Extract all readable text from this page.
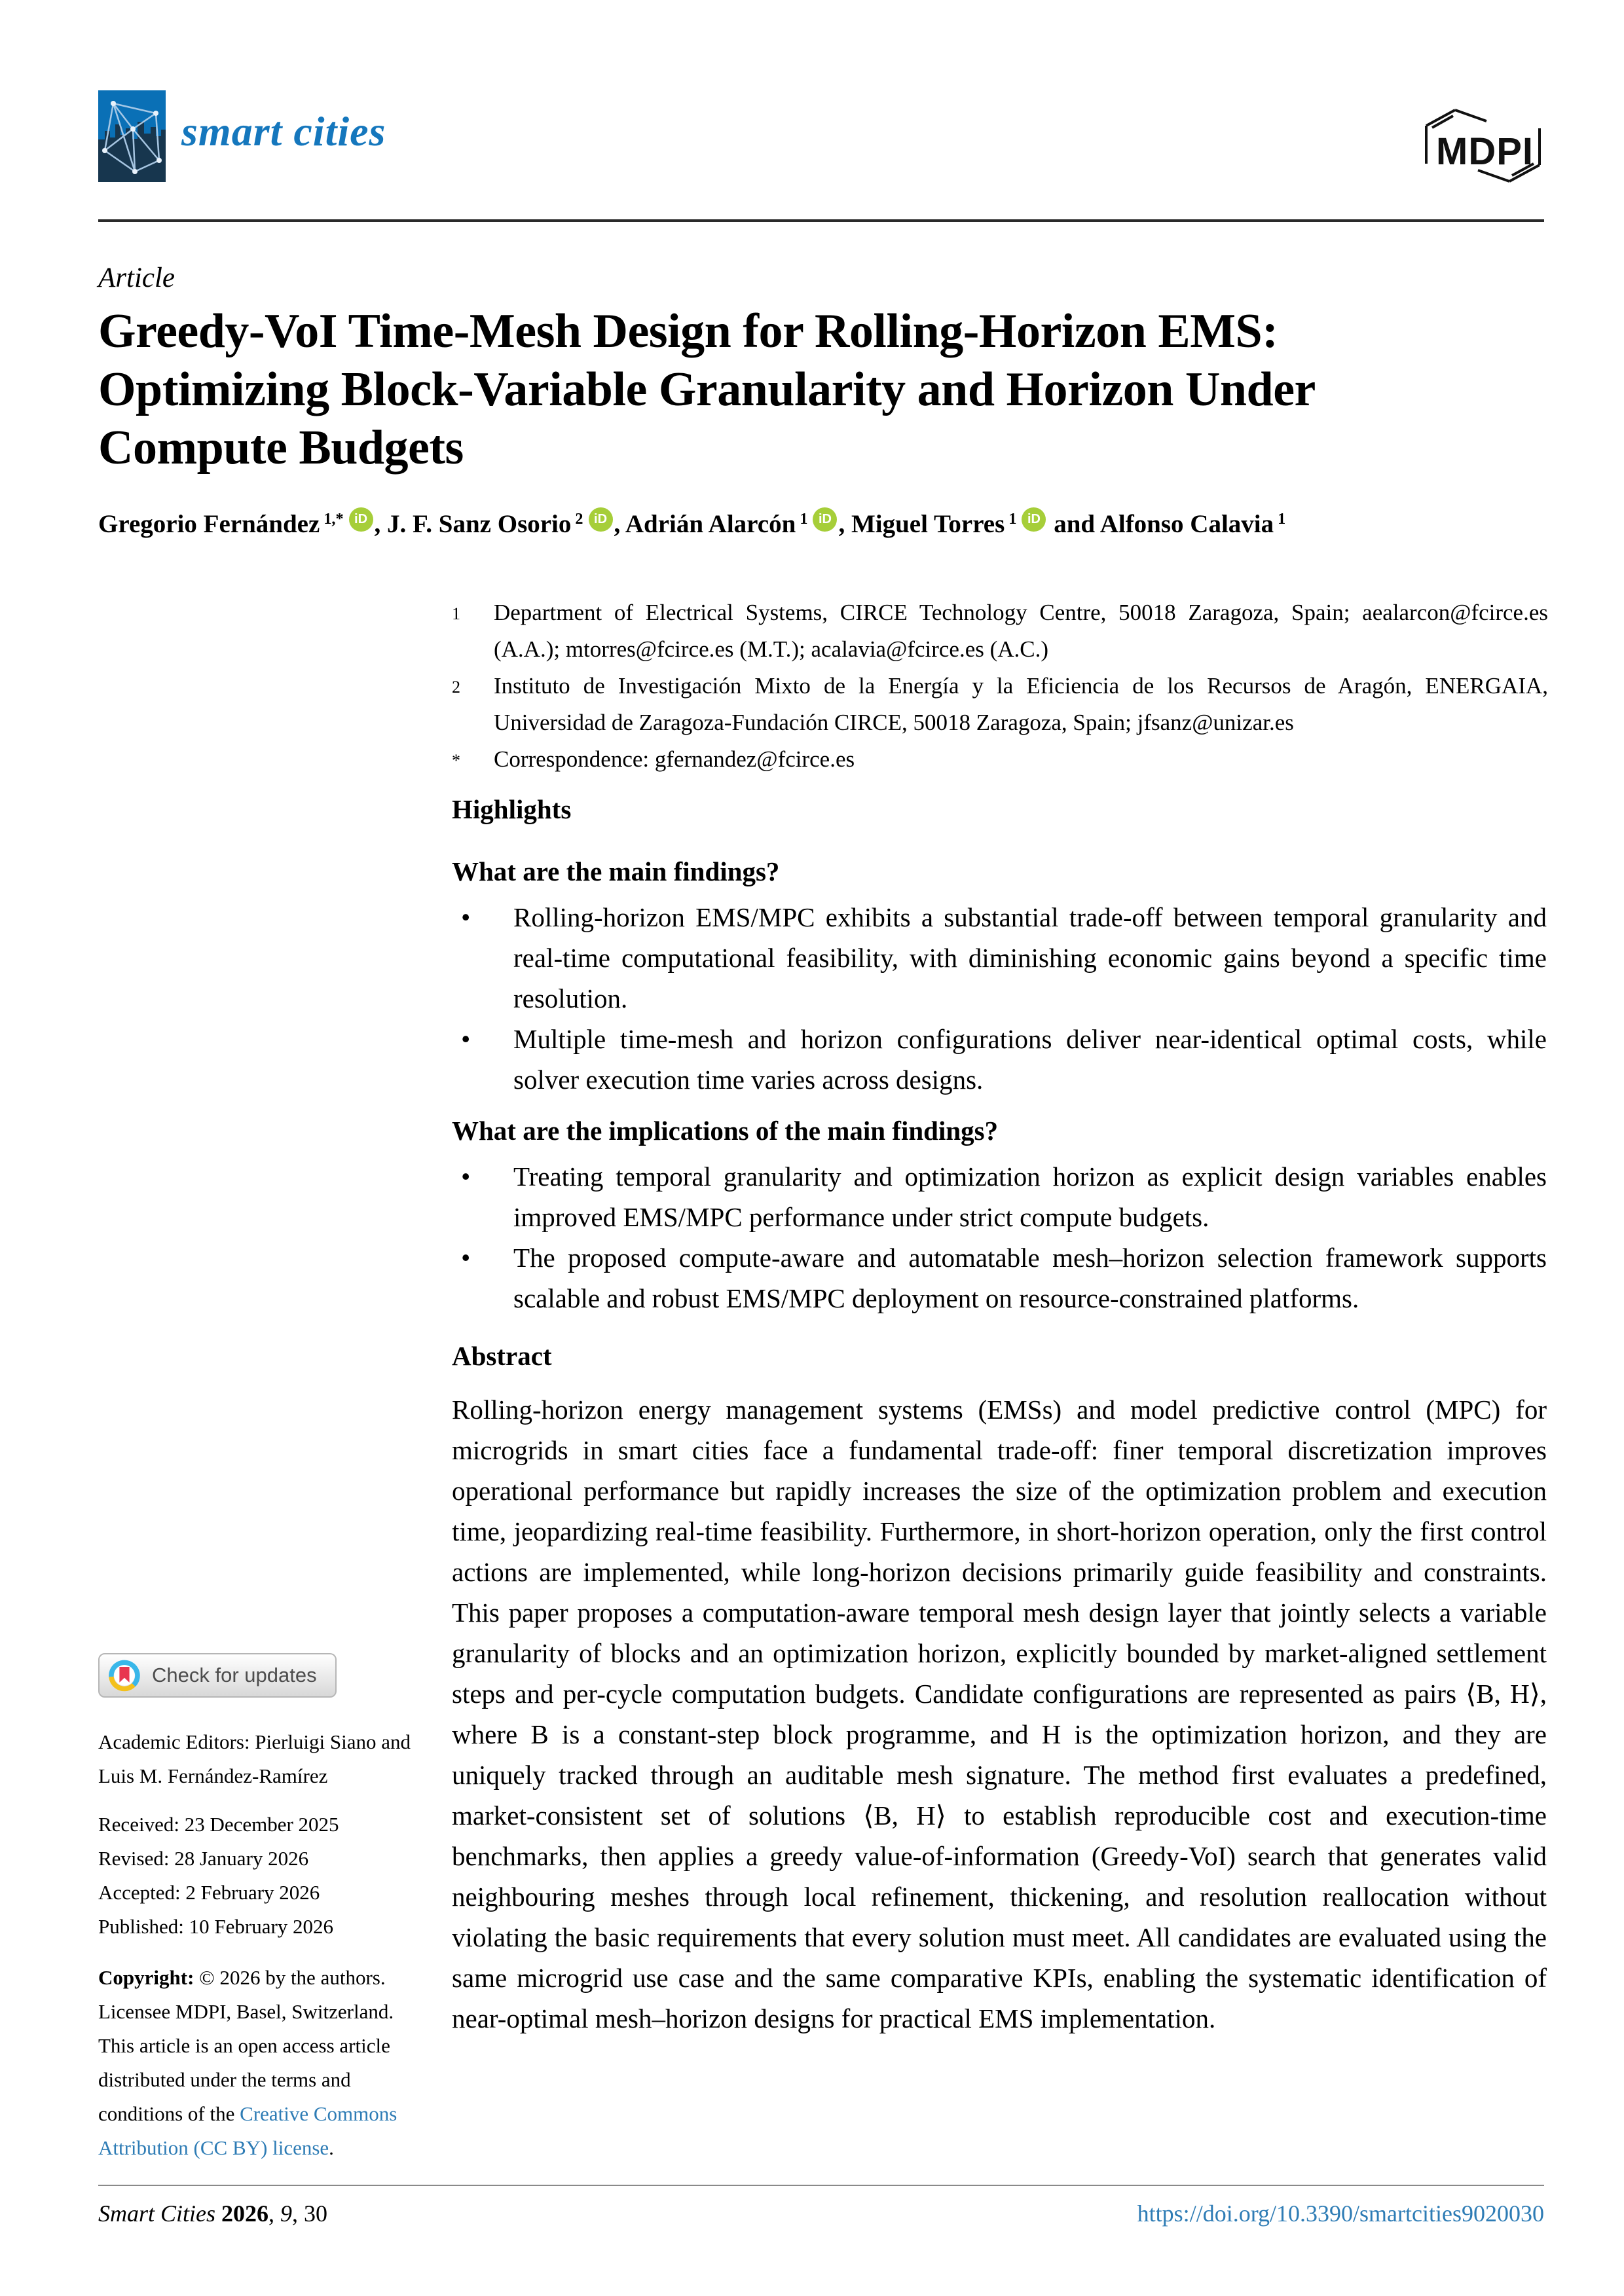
smart cities	MDPI
Article
Greedy-VoI Time-Mesh Design for Rolling-Horizon EMS:
Optimizing Block-Variable Granularity and Horizon Under
Compute Budgets
Gregorio Fernández $^{1,*}$ iD , J. F. Sanz Osorio $^2$ iD , Adrián Alarcón $^1$ iD , Miguel Torres $^1$ iD and Alfonso Calavia $^1$
1	Department of Electrical Systems, CIRCE Technology Centre, 50018 Zaragoza, Spain; aealarcon@fcirce.es (A.A.); mtorres@fcirce.es (M.T.); acalavia@fcirce.es (A.C.)
2	Instituto de Investigación Mixto de la Energía y la Eficiencia de los Recursos de Aragón, ENERGAIA, Universidad de Zaragoza-Fundación CIRCE, 50018 Zaragoza, Spain; jfsanz@unizar.es
*	Correspondence: gfernandez@fcirce.es
Highlights
What are the main findings?
•	Rolling-horizon EMS/MPC exhibits a substantial trade-off between temporal granularity and real-time computational feasibility, with diminishing economic gains beyond a specific time resolution.
•	Multiple time-mesh and horizon configurations deliver near-identical optimal costs, while solver execution time varies across designs.
What are the implications of the main findings?
•	Treating temporal granularity and optimization horizon as explicit design variables enables improved EMS/MPC performance under strict compute budgets.
•	The proposed compute-aware and automatable mesh–horizon selection framework supports scalable and robust EMS/MPC deployment on resource-constrained platforms.
Abstract
Rolling-horizon energy management systems (EMSs) and model predictive control (MPC) for microgrids in smart cities face a fundamental trade-off: finer temporal discretization improves operational performance but rapidly increases the size of the optimization problem and execution time, jeopardizing real-time feasibility. Furthermore, in short-horizon operation, only the first control actions are implemented, while long-horizon decisions primarily guide feasibility and constraints. This paper proposes a computation-aware temporal mesh design layer that jointly selects a variable granularity of blocks and an optimization horizon, explicitly bounded by market-aligned settlement steps and per-cycle computation budgets. Candidate configurations are represented as pairs ⟨B, H⟩, where B is a constant-step block programme, and H is the optimization horizon, and they are uniquely tracked through an auditable mesh signature. The method first evaluates a predefined, market-consistent set of solutions ⟨B, H⟩ to establish reproducible cost and execution-time benchmarks, then applies a greedy value-of-information (Greedy-VoI) search that generates valid neighbouring meshes through local refinement, thickening, and resolution reallocation without violating the basic requirements that every solution must meet. All candidates are evaluated using the same microgrid use case and the same comparative KPIs, enabling the systematic identification of near-optimal mesh–horizon designs for practical EMS implementation.
Check for updates
Academic Editors: Pierluigi Siano and Luis M. Fernández-Ramírez
Received: 23 December 2025
Revised: 28 January 2026
Accepted: 2 February 2026
Published: 10 February 2026
Copyright: © 2026 by the authors. Licensee MDPI, Basel, Switzerland. This article is an open access article distributed under the terms and conditions of the Creative Commons Attribution (CC BY) license.
Smart Cities 2026, 9, 30	https://doi.org/10.3390/smartcities9020030
